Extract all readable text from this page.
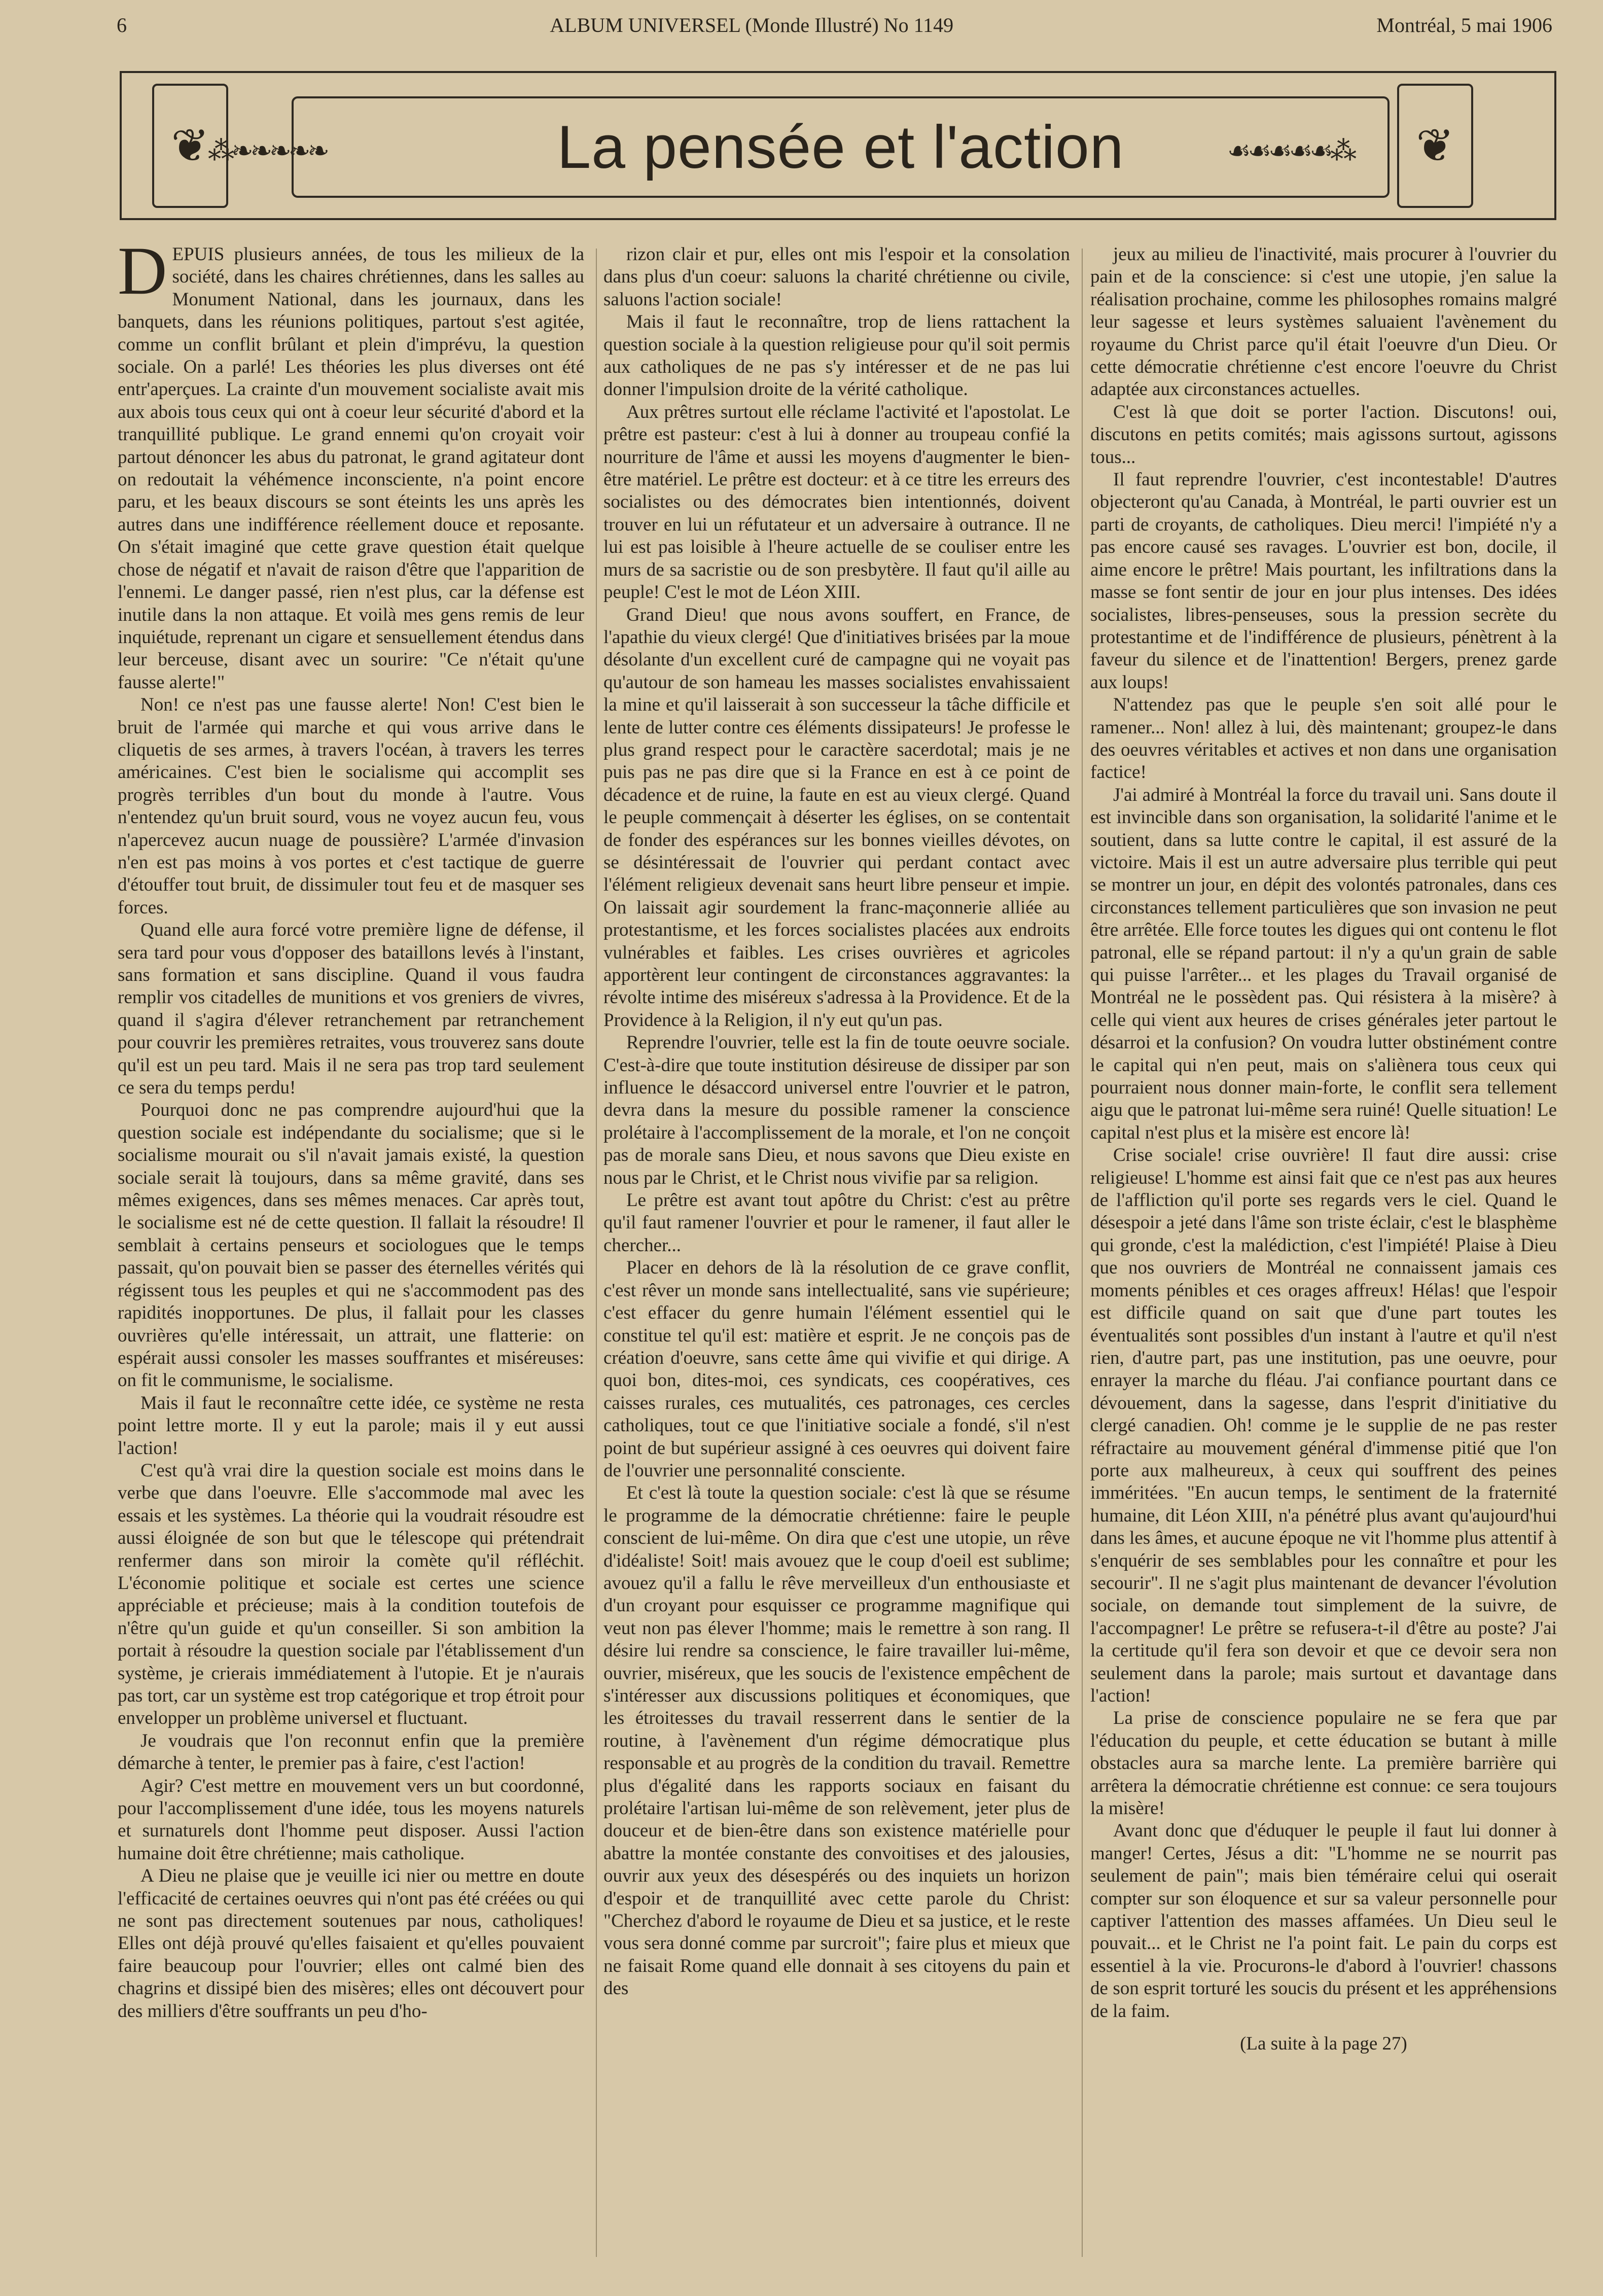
6	ALBUM UNIVERSEL (Monde Illustré) No 1149	Montréal, 5 mai 1906
❦
⁂❧❧❧❧❧	La pensée et l'action	☙☙☙☙☙⁂ ❦

DEPUIS plusieurs années, de tous les milieux de la société, dans les chaires chrétiennes, dans les salles au Monument National, dans les journaux, dans les banquets, dans les réunions politiques, partout s'est agitée, comme un conflit brûlant et plein d'imprévu, la question sociale. On a parlé! Les théories les plus diverses ont été entr'aperçues. La crainte d'un mouvement socialiste avait mis aux abois tous ceux qui ont à coeur leur sécurité d'abord et la tranquillité publique. Le grand ennemi qu'on croyait voir partout dénoncer les abus du patronat, le grand agitateur dont on redoutait la véhémence inconsciente, n'a point encore paru, et les beaux discours se sont éteints les uns après les autres dans une indifférence réellement douce et reposante. On s'était imaginé que cette grave question était quelque chose de négatif et n'avait de raison d'être que l'apparition de l'ennemi. Le danger passé, rien n'est plus, car la défense est inutile dans la non attaque. Et voilà mes gens remis de leur inquiétude, reprenant un cigare et sensuellement étendus dans leur berceuse, disant avec un sourire: "Ce n'était qu'une fausse alerte!"

Non! ce n'est pas une fausse alerte! Non! C'est bien le bruit de l'armée qui marche et qui vous arrive dans le cliquetis de ses armes, à travers l'océan, à travers les terres américaines. C'est bien le socialisme qui accomplit ses progrès terribles d'un bout du monde à l'autre. Vous n'entendez qu'un bruit sourd, vous ne voyez aucun feu, vous n'apercevez aucun nuage de poussière? L'armée d'invasion n'en est pas moins à vos portes et c'est tactique de guerre d'étouffer tout bruit, de dissimuler tout feu et de masquer ses forces.

Quand elle aura forcé votre première ligne de défense, il sera tard pour vous d'opposer des bataillons levés à l'instant, sans formation et sans discipline. Quand il vous faudra remplir vos citadelles de munitions et vos greniers de vivres, quand il s'agira d'élever retranchement par retranchement pour couvrir les premières retraites, vous trouverez sans doute qu'il est un peu tard. Mais il ne sera pas trop tard seulement ce sera du temps perdu!

Pourquoi donc ne pas comprendre aujourd'hui que la question sociale est indépendante du socialisme; que si le socialisme mourait ou s'il n'avait jamais existé, la question sociale serait là toujours, dans sa même gravité, dans ses mêmes exigences, dans ses mêmes menaces. Car après tout, le socialisme est né de cette question. Il fallait la résoudre! Il semblait à certains penseurs et sociologues que le temps passait, qu'on pouvait bien se passer des éternelles vérités qui régissent tous les peuples et qui ne s'accommodent pas des rapidités inopportunes. De plus, il fallait pour les classes ouvrières qu'elle intéressait, un attrait, une flatterie: on espérait aussi consoler les masses souffrantes et miséreuses: on fit le communisme, le socialisme.

Mais il faut le reconnaître cette idée, ce système ne resta point lettre morte. Il y eut la parole; mais il y eut aussi l'action!

C'est qu'à vrai dire la question sociale est moins dans le verbe que dans l'oeuvre. Elle s'accommode mal avec les essais et les systèmes. La théorie qui la voudrait résoudre est aussi éloignée de son but que le télescope qui prétendrait renfermer dans son miroir la comète qu'il réfléchit. L'économie politique et sociale est certes une science appréciable et précieuse; mais à la condition toutefois de n'être qu'un guide et qu'un conseiller. Si son ambition la portait à résoudre la question sociale par l'établissement d'un système, je crierais immédiatement à l'utopie. Et je n'aurais pas tort, car un système est trop catégorique et trop étroit pour envelopper un problème universel et fluctuant.

Je voudrais que l'on reconnut enfin que la première démarche à tenter, le premier pas à faire, c'est l'action!

Agir? C'est mettre en mouvement vers un but coordonné, pour l'accomplissement d'une idée, tous les moyens naturels et surnaturels dont l'homme peut disposer. Aussi l'action humaine doit être chrétienne; mais catholique.

A Dieu ne plaise que je veuille ici nier ou mettre en doute l'efficacité de certaines oeuvres qui n'ont pas été créées ou qui ne sont pas directement soutenues par nous, catholiques! Elles ont déjà prouvé qu'elles faisaient et qu'elles pouvaient faire beaucoup pour l'ouvrier; elles ont calmé bien des chagrins et dissipé bien des misères; elles ont découvert pour des milliers d'être souffrants un peu d'ho-

rizon clair et pur, elles ont mis l'espoir et la consolation dans plus d'un coeur: saluons la charité chrétienne ou civile, saluons l'action sociale!

Mais il faut le reconnaître, trop de liens rattachent la question sociale à la question religieuse pour qu'il soit permis aux catholiques de ne pas s'y intéresser et de ne pas lui donner l'impulsion droite de la vérité catholique.

Aux prêtres surtout elle réclame l'activité et l'apostolat. Le prêtre est pasteur: c'est à lui à donner au troupeau confié la nourriture de l'âme et aussi les moyens d'augmenter le bien-être matériel. Le prêtre est docteur: et à ce titre les erreurs des socialistes ou des démocrates bien intentionnés, doivent trouver en lui un réfutateur et un adversaire à outrance. Il ne lui est pas loisible à l'heure actuelle de se couliser entre les murs de sa sacristie ou de son presbytère. Il faut qu'il aille au peuple! C'est le mot de Léon XIII.

Grand Dieu! que nous avons souffert, en France, de l'apathie du vieux clergé! Que d'initiatives brisées par la moue désolante d'un excellent curé de campagne qui ne voyait pas qu'autour de son hameau les masses socialistes envahissaient la mine et qu'il laisserait à son successeur la tâche difficile et lente de lutter contre ces éléments dissipateurs! Je professe le plus grand respect pour le caractère sacerdotal; mais je ne puis pas ne pas dire que si la France en est à ce point de décadence et de ruine, la faute en est au vieux clergé. Quand le peuple commençait à déserter les églises, on se contentait de fonder des espérances sur les bonnes vieilles dévotes, on se désintéressait de l'ouvrier qui perdant contact avec l'élément religieux devenait sans heurt libre penseur et impie. On laissait agir sourdement la franc-maçonnerie alliée au protestantisme, et les forces socialistes placées aux endroits vulnérables et faibles. Les crises ouvrières et agricoles apportèrent leur contingent de circonstances aggravantes: la révolte intime des miséreux s'adressa à la Providence. Et de la Providence à la Religion, il n'y eut qu'un pas.

Reprendre l'ouvrier, telle est la fin de toute oeuvre sociale. C'est-à-dire que toute institution désireuse de dissiper par son influence le désaccord universel entre l'ouvrier et le patron, devra dans la mesure du possible ramener la conscience prolétaire à l'accomplissement de la morale, et l'on ne conçoit pas de morale sans Dieu, et nous savons que Dieu existe en nous par le Christ, et le Christ nous vivifie par sa religion.

Le prêtre est avant tout apôtre du Christ: c'est au prêtre qu'il faut ramener l'ouvrier et pour le ramener, il faut aller le chercher...

Placer en dehors de là la résolution de ce grave conflit, c'est rêver un monde sans intellectualité, sans vie supérieure; c'est effacer du genre humain l'élément essentiel qui le constitue tel qu'il est: matière et esprit. Je ne conçois pas de création d'oeuvre, sans cette âme qui vivifie et qui dirige. A quoi bon, dites-moi, ces syndicats, ces coopératives, ces caisses rurales, ces mutualités, ces patronages, ces cercles catholiques, tout ce que l'initiative sociale a fondé, s'il n'est point de but supérieur assigné à ces oeuvres qui doivent faire de l'ouvrier une personnalité consciente.

Et c'est là toute la question sociale: c'est là que se résume le programme de la démocratie chrétienne: faire le peuple conscient de lui-même. On dira que c'est une utopie, un rêve d'idéaliste! Soit! mais avouez que le coup d'oeil est sublime; avouez qu'il a fallu le rêve merveilleux d'un enthousiaste et d'un croyant pour esquisser ce programme magnifique qui veut non pas élever l'homme; mais le remettre à son rang. Il désire lui rendre sa conscience, le faire travailler lui-même, ouvrier, miséreux, que les soucis de l'existence empêchent de s'intéresser aux discussions politiques et économiques, que les étroitesses du travail resserrent dans le sentier de la routine, à l'avènement d'un régime démocratique plus responsable et au progrès de la condition du travail. Remettre plus d'égalité dans les rapports sociaux en faisant du prolétaire l'artisan lui-même de son relèvement, jeter plus de douceur et de bien-être dans son existence matérielle pour abattre la montée constante des convoitises et des jalousies, ouvrir aux yeux des désespérés ou des inquiets un horizon d'espoir et de tranquillité avec cette parole du Christ: "Cherchez d'abord le royaume de Dieu et sa justice, et le reste vous sera donné comme par surcroit"; faire plus et mieux que ne faisait Rome quand elle donnait à ses citoyens du pain et des

jeux au milieu de l'inactivité, mais procurer à l'ouvrier du pain et de la conscience: si c'est une utopie, j'en salue la réalisation prochaine, comme les philosophes romains malgré leur sagesse et leurs systèmes saluaient l'avènement du royaume du Christ parce qu'il était l'oeuvre d'un Dieu. Or cette démocratie chrétienne c'est encore l'oeuvre du Christ adaptée aux circonstances actuelles.

C'est là que doit se porter l'action. Discutons! oui, discutons en petits comités; mais agissons surtout, agissons tous...

Il faut reprendre l'ouvrier, c'est incontestable! D'autres objecteront qu'au Canada, à Montréal, le parti ouvrier est un parti de croyants, de catholiques. Dieu merci! l'impiété n'y a pas encore causé ses ravages. L'ouvrier est bon, docile, il aime encore le prêtre! Mais pourtant, les infiltrations dans la masse se font sentir de jour en jour plus intenses. Des idées socialistes, libres-penseuses, sous la pression secrète du protestantime et de l'indifférence de plusieurs, pénètrent à la faveur du silence et de l'inattention! Bergers, prenez garde aux loups!

N'attendez pas que le peuple s'en soit allé pour le ramener... Non! allez à lui, dès maintenant; groupez-le dans des oeuvres véritables et actives et non dans une organisation factice!

J'ai admiré à Montréal la force du travail uni. Sans doute il est invincible dans son organisation, la solidarité l'anime et le soutient, dans sa lutte contre le capital, il est assuré de la victoire. Mais il est un autre adversaire plus terrible qui peut se montrer un jour, en dépit des volontés patronales, dans ces circonstances tellement particulières que son invasion ne peut être arrêtée. Elle force toutes les digues qui ont contenu le flot patronal, elle se répand partout: il n'y a qu'un grain de sable qui puisse l'arrêter... et les plages du Travail organisé de Montréal ne le possèdent pas. Qui résistera à la misère? à celle qui vient aux heures de crises générales jeter partout le désarroi et la confusion? On voudra lutter obstinément contre le capital qui n'en peut, mais on s'aliènera tous ceux qui pourraient nous donner main-forte, le conflit sera tellement aigu que le patronat lui-même sera ruiné! Quelle situation! Le capital n'est plus et la misère est encore là!

Crise sociale! crise ouvrière! Il faut dire aussi: crise religieuse! L'homme est ainsi fait que ce n'est pas aux heures de l'affliction qu'il porte ses regards vers le ciel. Quand le désespoir a jeté dans l'âme son triste éclair, c'est le blasphème qui gronde, c'est la malédiction, c'est l'impiété! Plaise à Dieu que nos ouvriers de Montréal ne connaissent jamais ces moments pénibles et ces orages affreux! Hélas! que l'espoir est difficile quand on sait que d'une part toutes les éventualités sont possibles d'un instant à l'autre et qu'il n'est rien, d'autre part, pas une institution, pas une oeuvre, pour enrayer la marche du fléau. J'ai confiance pourtant dans ce dévouement, dans la sagesse, dans l'esprit d'initiative du clergé canadien. Oh! comme je le supplie de ne pas rester réfractaire au mouvement général d'immense pitié que l'on porte aux malheureux, à ceux qui souffrent des peines imméritées. "En aucun temps, le sentiment de la fraternité humaine, dit Léon XIII, n'a pénétré plus avant qu'aujourd'hui dans les âmes, et aucune époque ne vit l'homme plus attentif à s'enquérir de ses semblables pour les connaître et pour les secourir". Il ne s'agit plus maintenant de devancer l'évolution sociale, on demande tout simplement de la suivre, de l'accompagner! Le prêtre se refusera-t-il d'être au poste? J'ai la certitude qu'il fera son devoir et que ce devoir sera non seulement dans la parole; mais surtout et davantage dans l'action!

La prise de conscience populaire ne se fera que par l'éducation du peuple, et cette éducation se butant à mille obstacles aura sa marche lente. La première barrière qui arrêtera la démocratie chrétienne est connue: ce sera toujours la misère!

Avant donc que d'éduquer le peuple il faut lui donner à manger! Certes, Jésus a dit: "L'homme ne se nourrit pas seulement de pain"; mais bien téméraire celui qui oserait compter sur son éloquence et sur sa valeur personnelle pour captiver l'attention des masses affamées. Un Dieu seul le pouvait... et le Christ ne l'a point fait. Le pain du corps est essentiel à la vie. Procurons-le d'abord à l'ouvrier! chassons de son esprit torturé les soucis du présent et les appréhensions de la faim.

(La suite à la page 27)
